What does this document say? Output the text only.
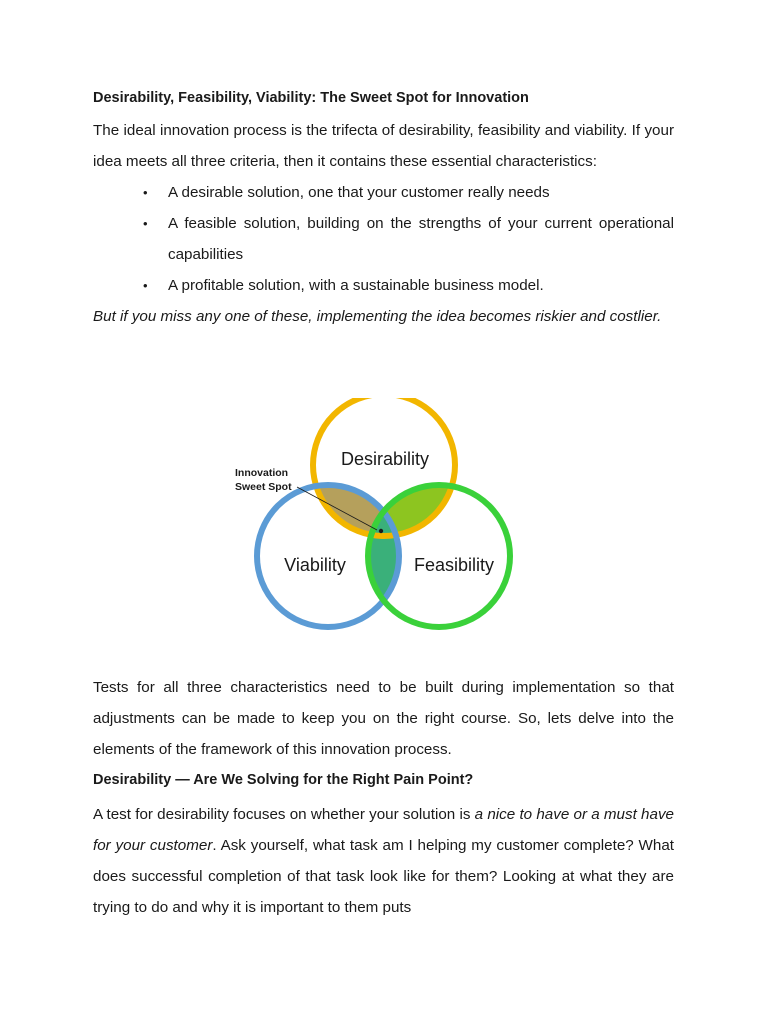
Desirability, Feasibility, Viability: The Sweet Spot for Innovation

The ideal innovation process is the trifecta of desirability, feasibility and viability. If your idea meets all three criteria, then it contains these essential characteristics:

• A desirable solution, one that your customer really needs
• A feasible solution, building on the strengths of your current operational capabilities
• A profitable solution, with a sustainable business model.

But if you miss any one of these, implementing the idea becomes riskier and costlier.

Desirability
Viability	Feasibility
Innovation
Sweet Spot

Tests for all three characteristics need to be built during implementation so that adjustments can be made to keep you on the right course. So, lets delve into the elements of the framework of this innovation process.

Desirability — Are We Solving for the Right Pain Point?

A test for desirability focuses on whether your solution is a nice to have or a must have for your customer. Ask yourself, what task am I helping my customer complete? What does successful completion of that task look like for them? Looking at what they are trying to do and why it is important to them puts
